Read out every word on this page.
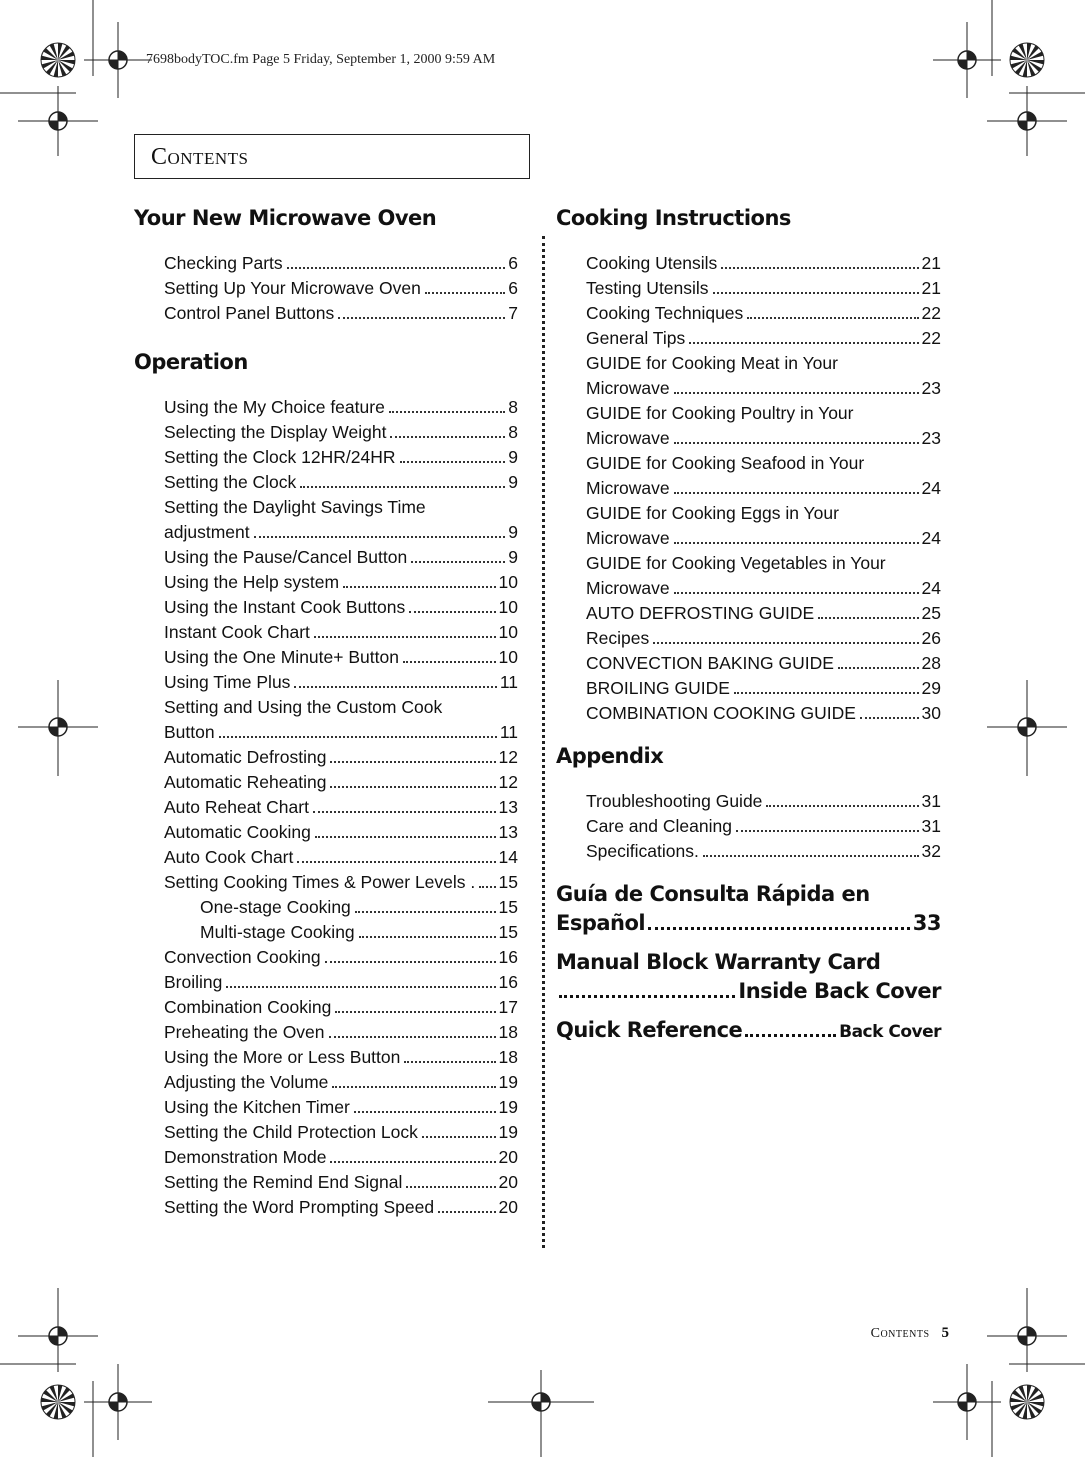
7698bodyTOC.fm Page 5 Friday, September 1, 2000 9:59 AM
Contents
Your New Microwave Oven
Checking Parts	6
Setting Up Your Microwave Oven	6
Control Panel Buttons	7
Operation
Using the My Choice feature	8
Selecting the Display Weight	8
Setting the Clock 12HR/24HR	9
Setting the Clock	9
Setting the Daylight Savings Time
adjustment	9
Using the Pause/Cancel Button	9
Using the Help system	10
Using the Instant Cook Buttons	10
Instant Cook Chart	10
Using the One Minute+ Button	10
Using Time Plus	11
Setting and Using the Custom Cook
Button	11
Automatic Defrosting	12
Automatic Reheating	12
Auto Reheat Chart	13
Automatic Cooking	13
Auto Cook Chart	14
Setting Cooking Times & Power Levels . 15
One-stage Cooking	15
Multi-stage Cooking	15
Convection Cooking	16
Broiling	16
Combination Cooking	17
Preheating the Oven	18
Using the More or Less Button	18
Adjusting the Volume	19
Using the Kitchen Timer	19
Setting the Child Protection Lock	19
Demonstration Mode	20
Setting the Remind End Signal	20
Setting the Word Prompting Speed	20
Cooking Instructions
Cooking Utensils	21
Testing Utensils	21
Cooking Techniques	22
General Tips	22
GUIDE for Cooking Meat in Your
Microwave	23
GUIDE for Cooking Poultry in Your
Microwave	23
GUIDE for Cooking Seafood in Your
Microwave	24
GUIDE for Cooking Eggs in Your
Microwave	24
GUIDE for Cooking Vegetables in Your
Microwave	24
AUTO DEFROSTING GUIDE	25
Recipes	26
CONVECTION BAKING GUIDE	28
BROILING GUIDE	29
COMBINATION COOKING GUIDE	30
Appendix
Troubleshooting Guide	31
Care and Cleaning	31
Specifications.	32
Guía de Consulta Rápida en
Español	33
Manual Block Warranty Card
Inside Back Cover
Quick Reference	Back Cover
Contents 5
